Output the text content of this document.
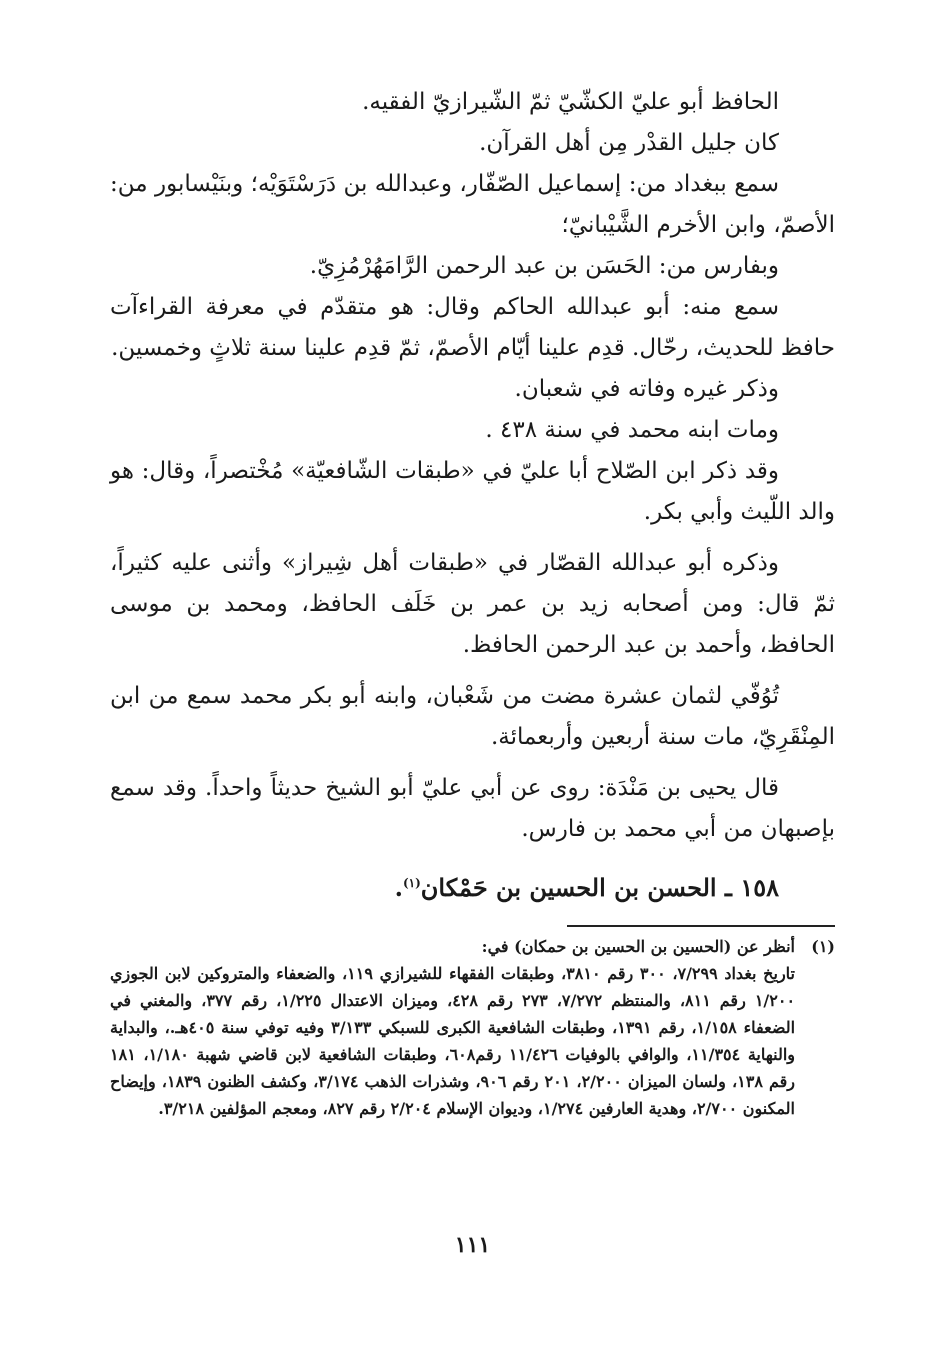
الحافظ أبو عليّ الكشّيّ ثمّ الشّيرازيّ الفقيه.

كان جليل القدْر مِن أهل القرآن.

سمع ببغداد من: إسماعيل الصّفّار، وعبدالله بن دَرَسْتَوَيْه؛ وبنَيْسابور من: الأصمّ، وابن الأخرم الشَّيْبانيّ؛

وبفارس من: الحَسَن بن عبد الرحمن الرَّامَهُرْمُزِيّ.

سمع منه: أبو عبدالله الحاكم وقال: هو متقدّم في معرفة القراءآت حافظ للحديث، رحّال. قدِم علينا أيّام الأصمّ، ثمّ قدِم علينا سنة ثلاثٍ وخمسين.

وذكر غيره وفاته في شعبان.

ومات ابنه محمد في سنة ٤٣٨ .

وقد ذكر ابن الصّلاح أبا عليّ في «طبقات الشّافعيّة» مُخْتصراً، وقال: هو والد اللّيث وأبي بكر.

وذكره أبو عبدالله القصّار في «طبقات أهل شِيراز» وأثنى عليه كثيراً، ثمّ قال: ومن أصحابه زيد بن عمر بن خَلَف الحافظ، ومحمد بن موسى الحافظ، وأحمد بن عبد الرحمن الحافظ.

تُوُفّي لثمان عشرة مضت من شَعْبان، وابنه أبو بكر محمد سمع من ابن المِنْقَرِيّ، مات سنة أربعين وأربعمائة.

قال يحيى بن مَنْدَة: روى عن أبي عليّ أبو الشيخ حديثاً واحداً. وقد سمع بإصبهان من أبي محمد بن فارس.

١٥٨ ـ الحسن بن الحسين بن حَمْكان$^{(١)}$.

(١)

أنظر عن (الحسين بن الحسين بن حمكان) في:

تاريخ بغداد ٧/٢٩٩، ٣٠٠ رقم ٣٨١٠، وطبقات الفقهاء للشيرازي ١١٩، والضعفاء والمتروكين لابن الجوزي ١/٢٠٠ رقم ٨١١، والمنتظم ٧/٢٧٢، ٢٧٣ رقم ٤٢٨، وميزان الاعتدال ١/٢٢٥، رقم ٣٧٧، والمغني في الضعفاء ١/١٥٨، رقم ١٣٩١، وطبقات الشافعية الكبرى للسبكي ٣/١٣٣ وفيه توفي سنة ٤٠٥هـ.، والبداية والنهاية ١١/٣٥٤، والوافي بالوفيات ١١/٤٢٦ رقم٦٠٨، وطبقات الشافعية لابن قاضي شهبة ١/١٨٠، ١٨١ رقم ١٣٨، ولسان الميزان ٢/٢٠٠، ٢٠١ رقم ٩٠٦، وشذرات الذهب ٣/١٧٤، وكشف الظنون ١٨٣٩، وإيضاح المكنون ٢/٧٠٠، وهدية العارفين ١/٢٧٤، وديوان الإسلام ٢/٢٠٤ رقم ٨٢٧، ومعجم المؤلفين ٣/٢١٨.

١١١
